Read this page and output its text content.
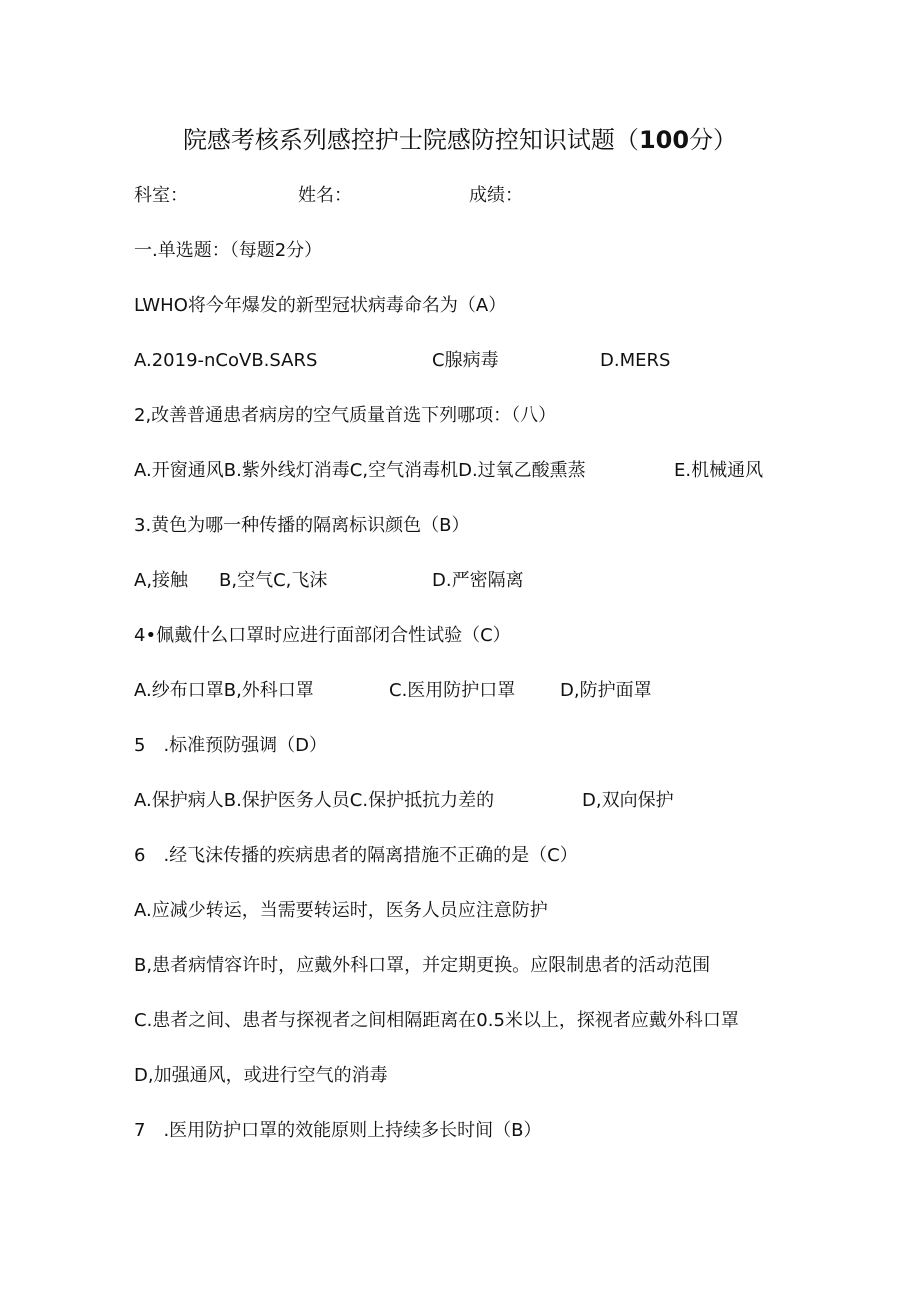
院感考核系列感控护士院感防控知识试题（100分）
科室：	姓名：	成绩：
一.单选题：（每题2分）
LWHO将今年爆发的新型冠状病毒命名为（A）
A.2019-nCoVB.SARS	C腺病毒	D.MERS
2,改善普通患者病房的空气质量首选下列哪项：（八）
A.开窗通风B.紫外线灯消毒C,空气消毒机D.过氧乙酸熏蒸	E.机械通风
3.黄色为哪一种传播的隔离标识颜色（B）
A,接触 B,空气C,飞沫	D.严密隔离
4•佩戴什么口罩时应进行面部闭合性试验（C）
A.纱布口罩B,外科口罩	C.医用防护口罩 D,防护面罩
5　.标准预防强调（D）
A.保护病人B.保护医务人员C.保护抵抗力差的	D,双向保护
6　.经飞沫传播的疾病患者的隔离措施不正确的是（C）
A.应减少转运，当需要转运时，医务人员应注意防护
B,患者病情容许时，应戴外科口罩，并定期更换。应限制患者的活动范围
C.患者之间、患者与探视者之间相隔距离在0.5米以上，探视者应戴外科口罩
D,加强通风，或进行空气的消毒
7　.医用防护口罩的效能原则上持续多长时间（B）
